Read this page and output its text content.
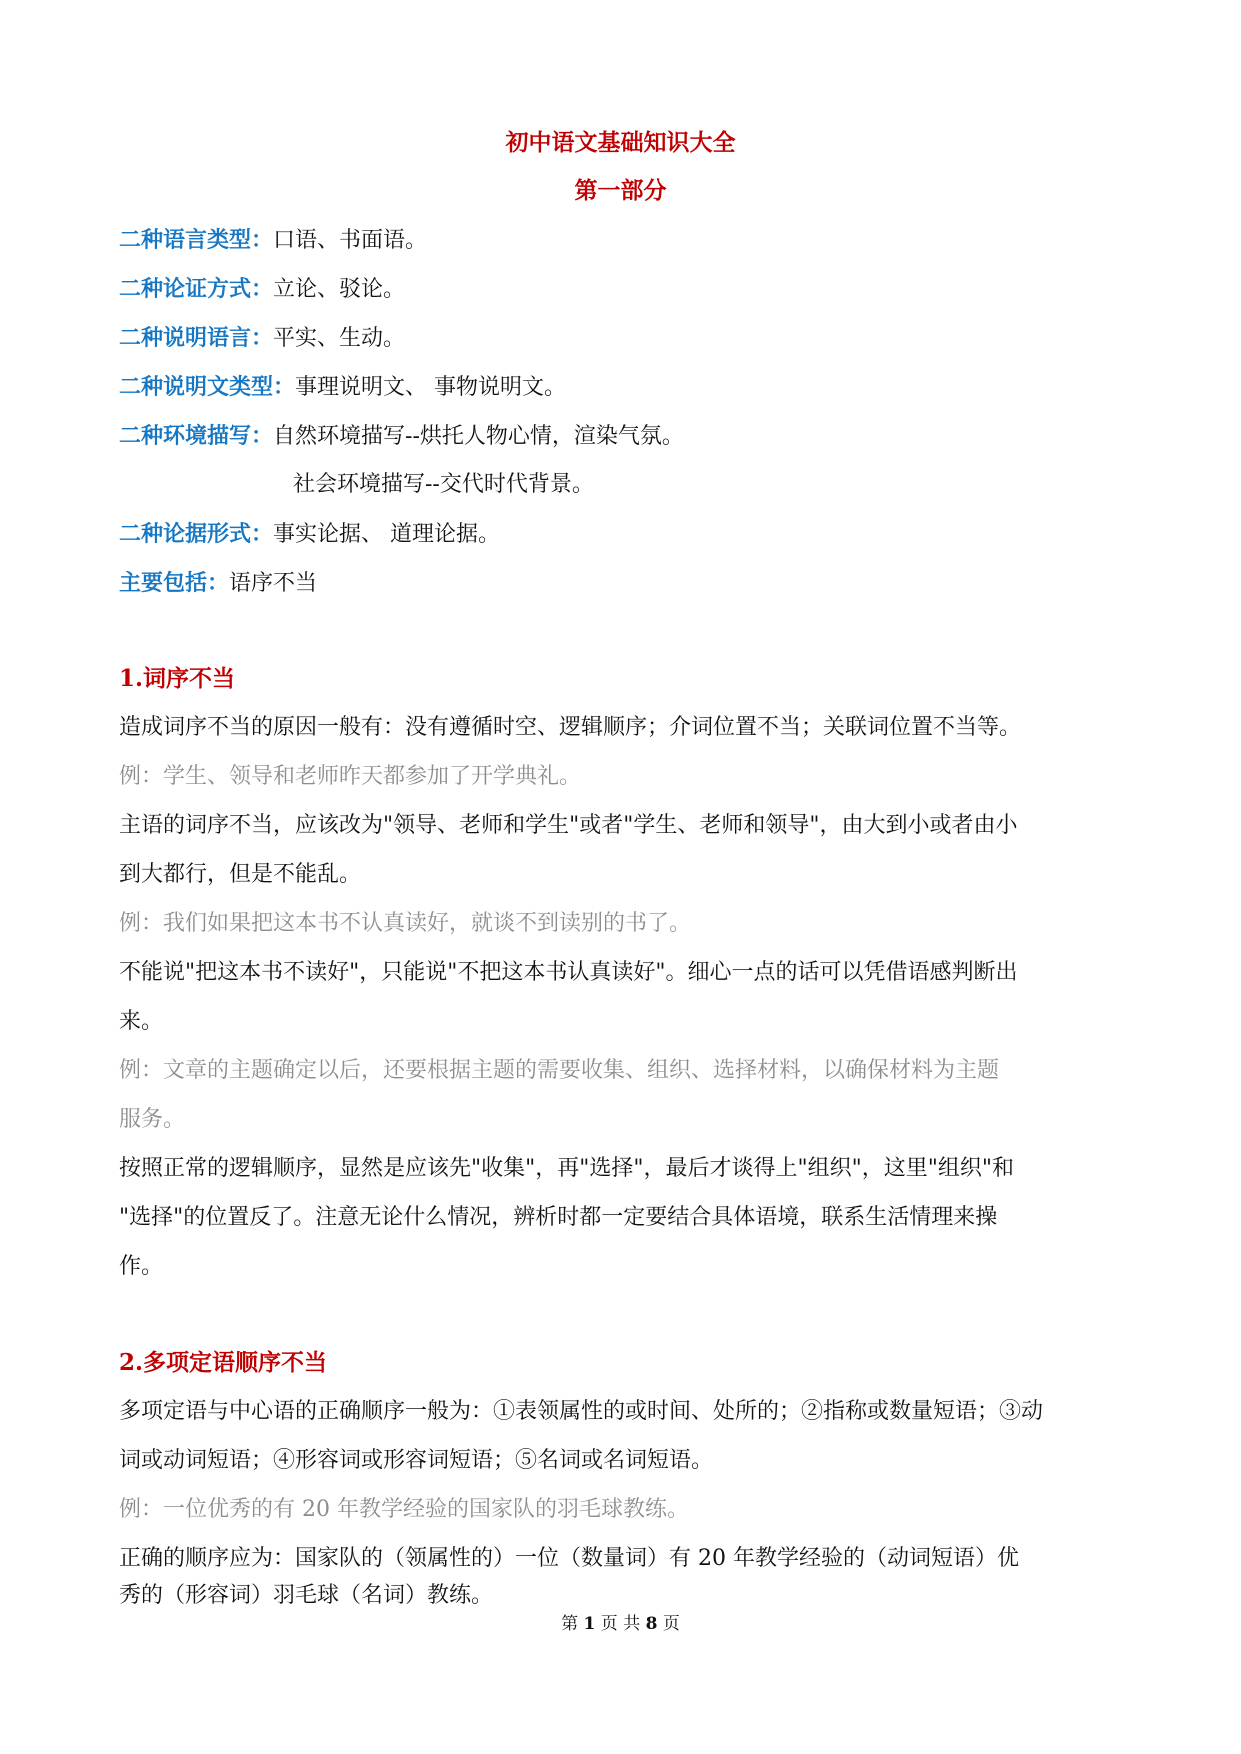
初中语文基础知识大全
第一部分
二种语言类型：口语、书面语。
二种论证方式：立论、驳论。
二种说明语言：平实、生动。
二种说明文类型：事理说明文、 事物说明文。
二种环境描写：自然环境描写--烘托人物心情，渲染气氛。
社会环境描写--交代时代背景。
二种论据形式：事实论据、 道理论据。
主要包括：语序不当
1.词序不当
造成词序不当的原因一般有：没有遵循时空、逻辑顺序；介词位置不当；关联词位置不当等。
例：学生、领导和老师昨天都参加了开学典礼。
主语的词序不当，应该改为"领导、老师和学生"或者"学生、老师和领导"，由大到小或者由小
到大都行，但是不能乱。
例：我们如果把这本书不认真读好，就谈不到读别的书了。
不能说"把这本书不读好"，只能说"不把这本书认真读好"。细心一点的话可以凭借语感判断出
来。
例：文章的主题确定以后，还要根据主题的需要收集、组织、选择材料，以确保材料为主题
服务。
按照正常的逻辑顺序，显然是应该先"收集"，再"选择"，最后才谈得上"组织"，这里"组织"和
"选择"的位置反了。注意无论什么情况，辨析时都一定要结合具体语境，联系生活情理来操
作。
2.多项定语顺序不当
多项定语与中心语的正确顺序一般为：①表领属性的或时间、处所的；②指称或数量短语；③动
词或动词短语；④形容词或形容词短语；⑤名词或名词短语。
例：一位优秀的有 20 年教学经验的国家队的羽毛球教练。
正确的顺序应为：国家队的（领属性的）一位（数量词）有 20 年教学经验的（动词短语）优
秀的（形容词）羽毛球（名词）教练。
第 1 页 共 8 页
